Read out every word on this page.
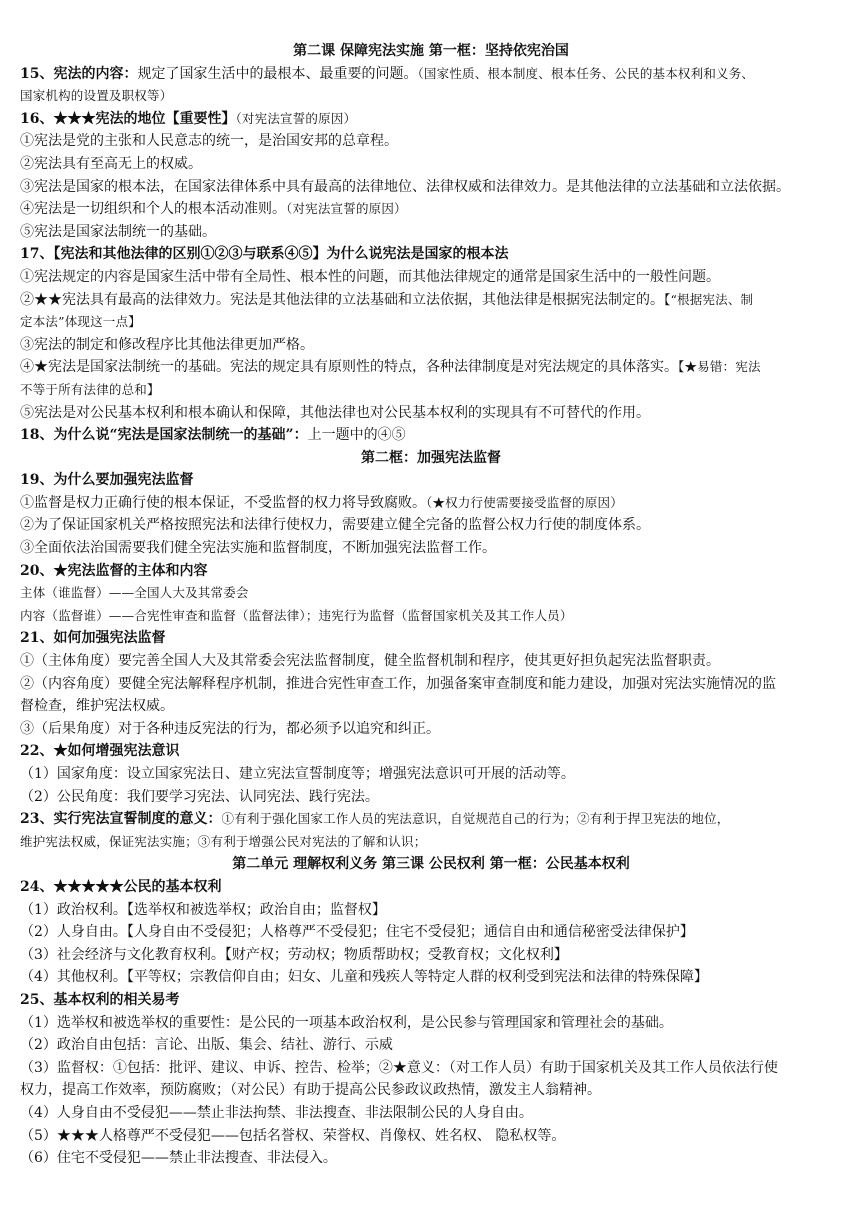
第二课 保障宪法实施 第一框：坚持依宪治国
15、宪法的内容：规定了国家生活中的最根本、最重要的问题。（国家性质、根本制度、根本任务、公民的基本权利和义务、
国家机构的设置及职权等）
16、★★★宪法的地位【重要性】（对宪法宣誓的原因）
①宪法是党的主张和人民意志的统一，是治国安邦的总章程。
②宪法具有至高无上的权威。
③宪法是国家的根本法，在国家法律体系中具有最高的法律地位、法律权威和法律效力。是其他法律的立法基础和立法依据。
④宪法是一切组织和个人的根本活动准则。（对宪法宣誓的原因）
⑤宪法是国家法制统一的基础。
17、【宪法和其他法律的区别①②③与联系④⑤】为什么说宪法是国家的根本法
①宪法规定的内容是国家生活中带有全局性、根本性的问题，而其他法律规定的通常是国家生活中的一般性问题。
②★★宪法具有最高的法律效力。宪法是其他法律的立法基础和立法依据，其他法律是根据宪法制定的。【“根据宪法、制
定本法”体现这一点】
③宪法的制定和修改程序比其他法律更加严格。
④★宪法是国家法制统一的基础。宪法的规定具有原则性的特点，各种法律制度是对宪法规定的具体落实。【★易错：宪法
不等于所有法律的总和】
⑤宪法是对公民基本权利和根本确认和保障，其他法律也对公民基本权利的实现具有不可替代的作用。
18、为什么说“宪法是国家法制统一的基础”：上一题中的④⑤
第二框：加强宪法监督
19、为什么要加强宪法监督
①监督是权力正确行使的根本保证，不受监督的权力将导致腐败。（★权力行使需要接受监督的原因）
②为了保证国家机关严格按照宪法和法律行使权力，需要建立健全完备的监督公权力行使的制度体系。
③全面依法治国需要我们健全宪法实施和监督制度，不断加强宪法监督工作。
20、★宪法监督的主体和内容
主体（谁监督）——全国人大及其常委会
内容（监督谁）——合宪性审查和监督（监督法律）；违宪行为监督（监督国家机关及其工作人员）
21、如何加强宪法监督
①（主体角度）要完善全国人大及其常委会宪法监督制度，健全监督机制和程序，使其更好担负起宪法监督职责。
②（内容角度）要健全宪法解释程序机制，推进合宪性审查工作，加强备案审查制度和能力建设，加强对宪法实施情况的监
督检查，维护宪法权威。
③（后果角度）对于各种违反宪法的行为，都必须予以追究和纠正。
22、★如何增强宪法意识
（1）国家角度：设立国家宪法日、建立宪法宣誓制度等；增强宪法意识可开展的活动等。
（2）公民角度：我们要学习宪法、认同宪法、践行宪法。
23、实行宪法宣誓制度的意义：①有利于强化国家工作人员的宪法意识，自觉规范自己的行为；②有利于捍卫宪法的地位，
维护宪法权威，保证宪法实施；③有利于增强公民对宪法的了解和认识；
第二单元 理解权利义务 第三课 公民权利 第一框：公民基本权利
24、★★★★★公民的基本权利
（1）政治权利。【选举权和被选举权；政治自由；监督权】
（2）人身自由。【人身自由不受侵犯；人格尊严不受侵犯；住宅不受侵犯；通信自由和通信秘密受法律保护】
（3）社会经济与文化教育权利。【财产权；劳动权；物质帮助权；受教育权；文化权利】
（4）其他权利。【平等权；宗教信仰自由；妇女、儿童和残疾人等特定人群的权利受到宪法和法律的特殊保障】
25、基本权利的相关易考
（1）选举权和被选举权的重要性：是公民的一项基本政治权利，是公民参与管理国家和管理社会的基础。
（2）政治自由包括：言论、出版、集会、结社、游行、示威
（3）监督权：①包括：批评、建议、申诉、控告、检举；②★意义：（对工作人员）有助于国家机关及其工作人员依法行使
权力，提高工作效率，预防腐败；（对公民）有助于提高公民参政议政热情，激发主人翁精神。
（4）人身自由不受侵犯——禁止非法拘禁、非法搜查、非法限制公民的人身自由。
（5）★★★人格尊严不受侵犯——包括名誉权、荣誉权、肖像权、姓名权、 隐私权等。
（6）住宅不受侵犯——禁止非法搜查、非法侵入。
